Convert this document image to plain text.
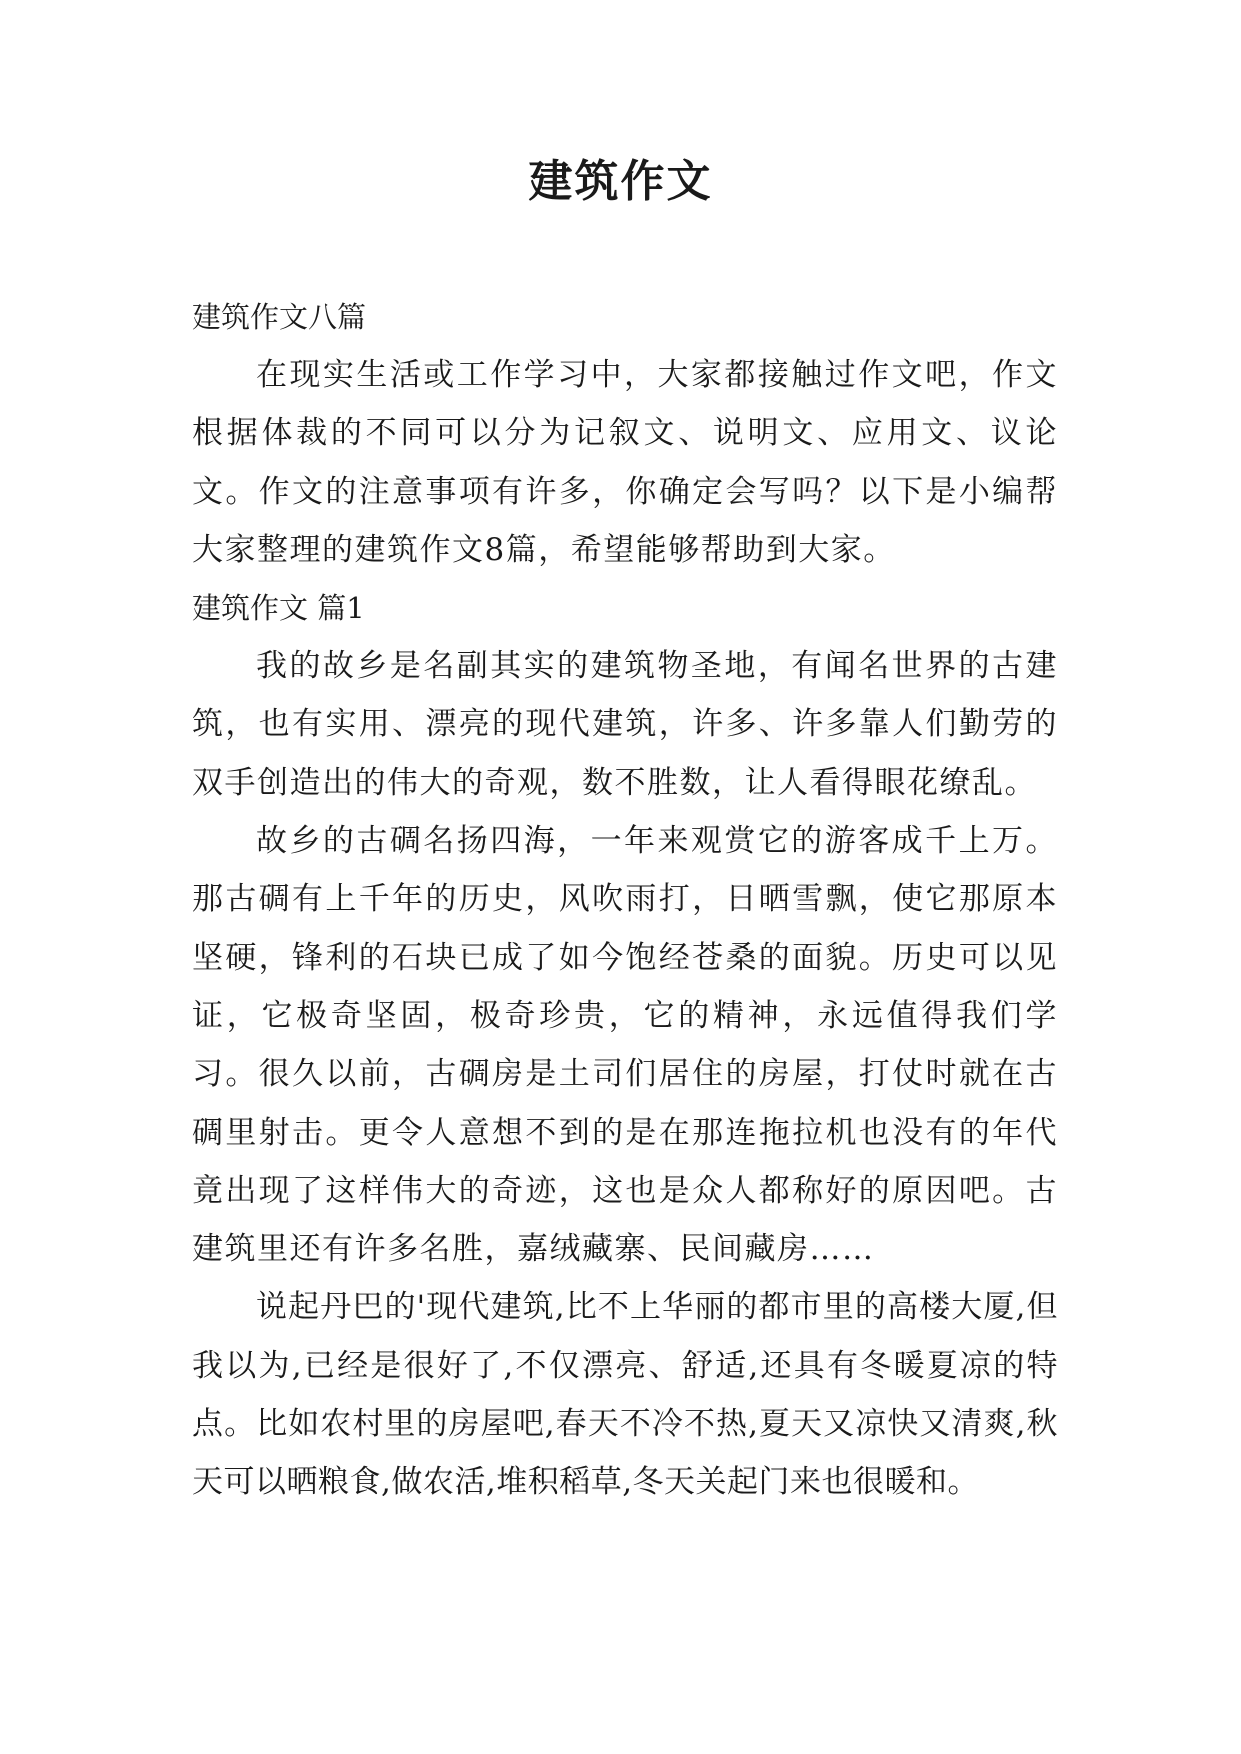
建筑作文

建筑作文八篇

在现实生活或工作学习中，大家都接触过作文吧，作文根据体裁的不同可以分为记叙文、说明文、应用文、议论文。作文的注意事项有许多，你确定会写吗？以下是小编帮大家整理的建筑作文8篇，希望能够帮助到大家。

建筑作文 篇1

我的故乡是名副其实的建筑物圣地，有闻名世界的古建筑，也有实用、漂亮的现代建筑，许多、许多靠人们勤劳的双手创造出的伟大的奇观，数不胜数，让人看得眼花缭乱。

故乡的古碉名扬四海，一年来观赏它的游客成千上万。那古碉有上千年的历史，风吹雨打，日晒雪飘，使它那原本坚硬，锋利的石块已成了如今饱经苍桑的面貌。历史可以见证，它极奇坚固，极奇珍贵，它的精神，永远值得我们学习。很久以前，古碉房是土司们居住的房屋，打仗时就在古碉里射击。更令人意想不到的是在那连拖拉机也没有的年代竟出现了这样伟大的奇迹，这也是众人都称好的原因吧。古建筑里还有许多名胜，嘉绒藏寨、民间藏房……

说起丹巴的'现代建筑,比不上华丽的都市里的高楼大厦,但我以为,已经是很好了,不仅漂亮、舒适,还具有冬暖夏凉的特点。比如农村里的房屋吧,春天不冷不热,夏天又凉快又清爽,秋天可以晒粮食,做农活,堆积稻草,冬天关起门来也很暖和。
